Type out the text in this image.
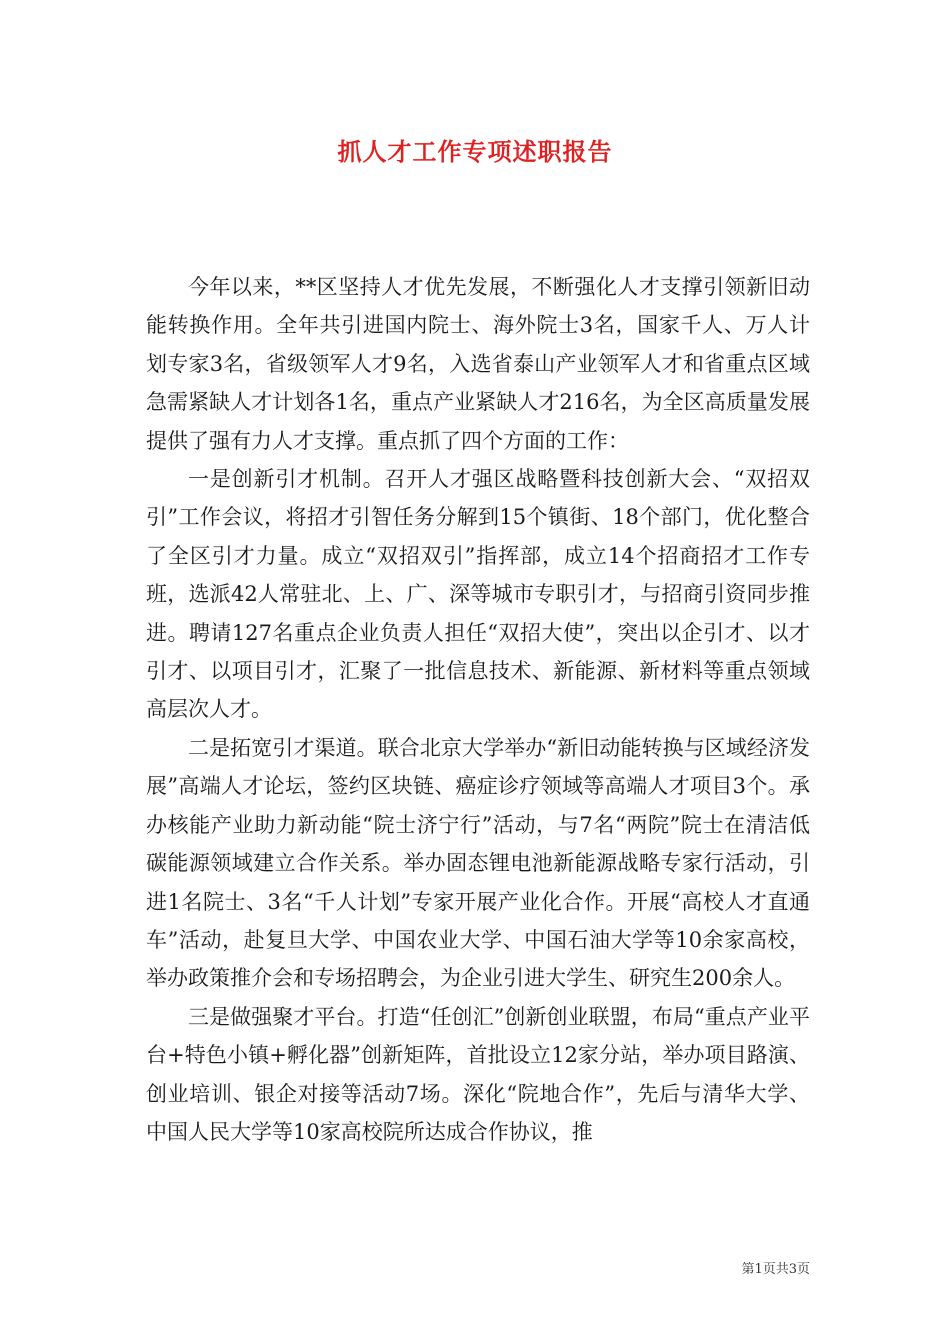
抓人才工作专项述职报告

今年以来，**区坚持人才优先发展，不断强化人才支撑引领新旧动能转换作用。全年共引进国内院士、海外院士3名，国家千人、万人计划专家3名，省级领军人才9名，入选省泰山产业领军人才和省重点区域急需紧缺人才计划各1名，重点产业紧缺人才216名，为全区高质量发展提供了强有力人才支撑。重点抓了四个方面的工作：

一是创新引才机制。召开人才强区战略暨科技创新大会、“双招双引”工作会议，将招才引智任务分解到15个镇街、18个部门，优化整合了全区引才力量。成立“双招双引”指挥部，成立14个招商招才工作专班，选派42人常驻北、上、广、深等城市专职引才，与招商引资同步推进。聘请127名重点企业负责人担任“双招大使”，突出以企引才、以才引才、以项目引才，汇聚了一批信息技术、新能源、新材料等重点领域高层次人才。

二是拓宽引才渠道。联合北京大学举办“新旧动能转换与区域经济发展”高端人才论坛，签约区块链、癌症诊疗领域等高端人才项目3个。承办核能产业助力新动能“院士济宁行”活动，与7名“两院”院士在清洁低碳能源领域建立合作关系。举办固态锂电池新能源战略专家行活动，引进1名院士、3名“千人计划”专家开展产业化合作。开展“高校人才直通车”活动，赴复旦大学、中国农业大学、中国石油大学等10余家高校，举办政策推介会和专场招聘会，为企业引进大学生、研究生200余人。

三是做强聚才平台。打造“任创汇”创新创业联盟，布局“重点产业平台+特色小镇+孵化器”创新矩阵，首批设立12家分站，举办项目路演、创业培训、银企对接等活动7场。深化“院地合作”，先后与清华大学、中国人民大学等10家高校院所达成合作协议，推

第1页共3页
